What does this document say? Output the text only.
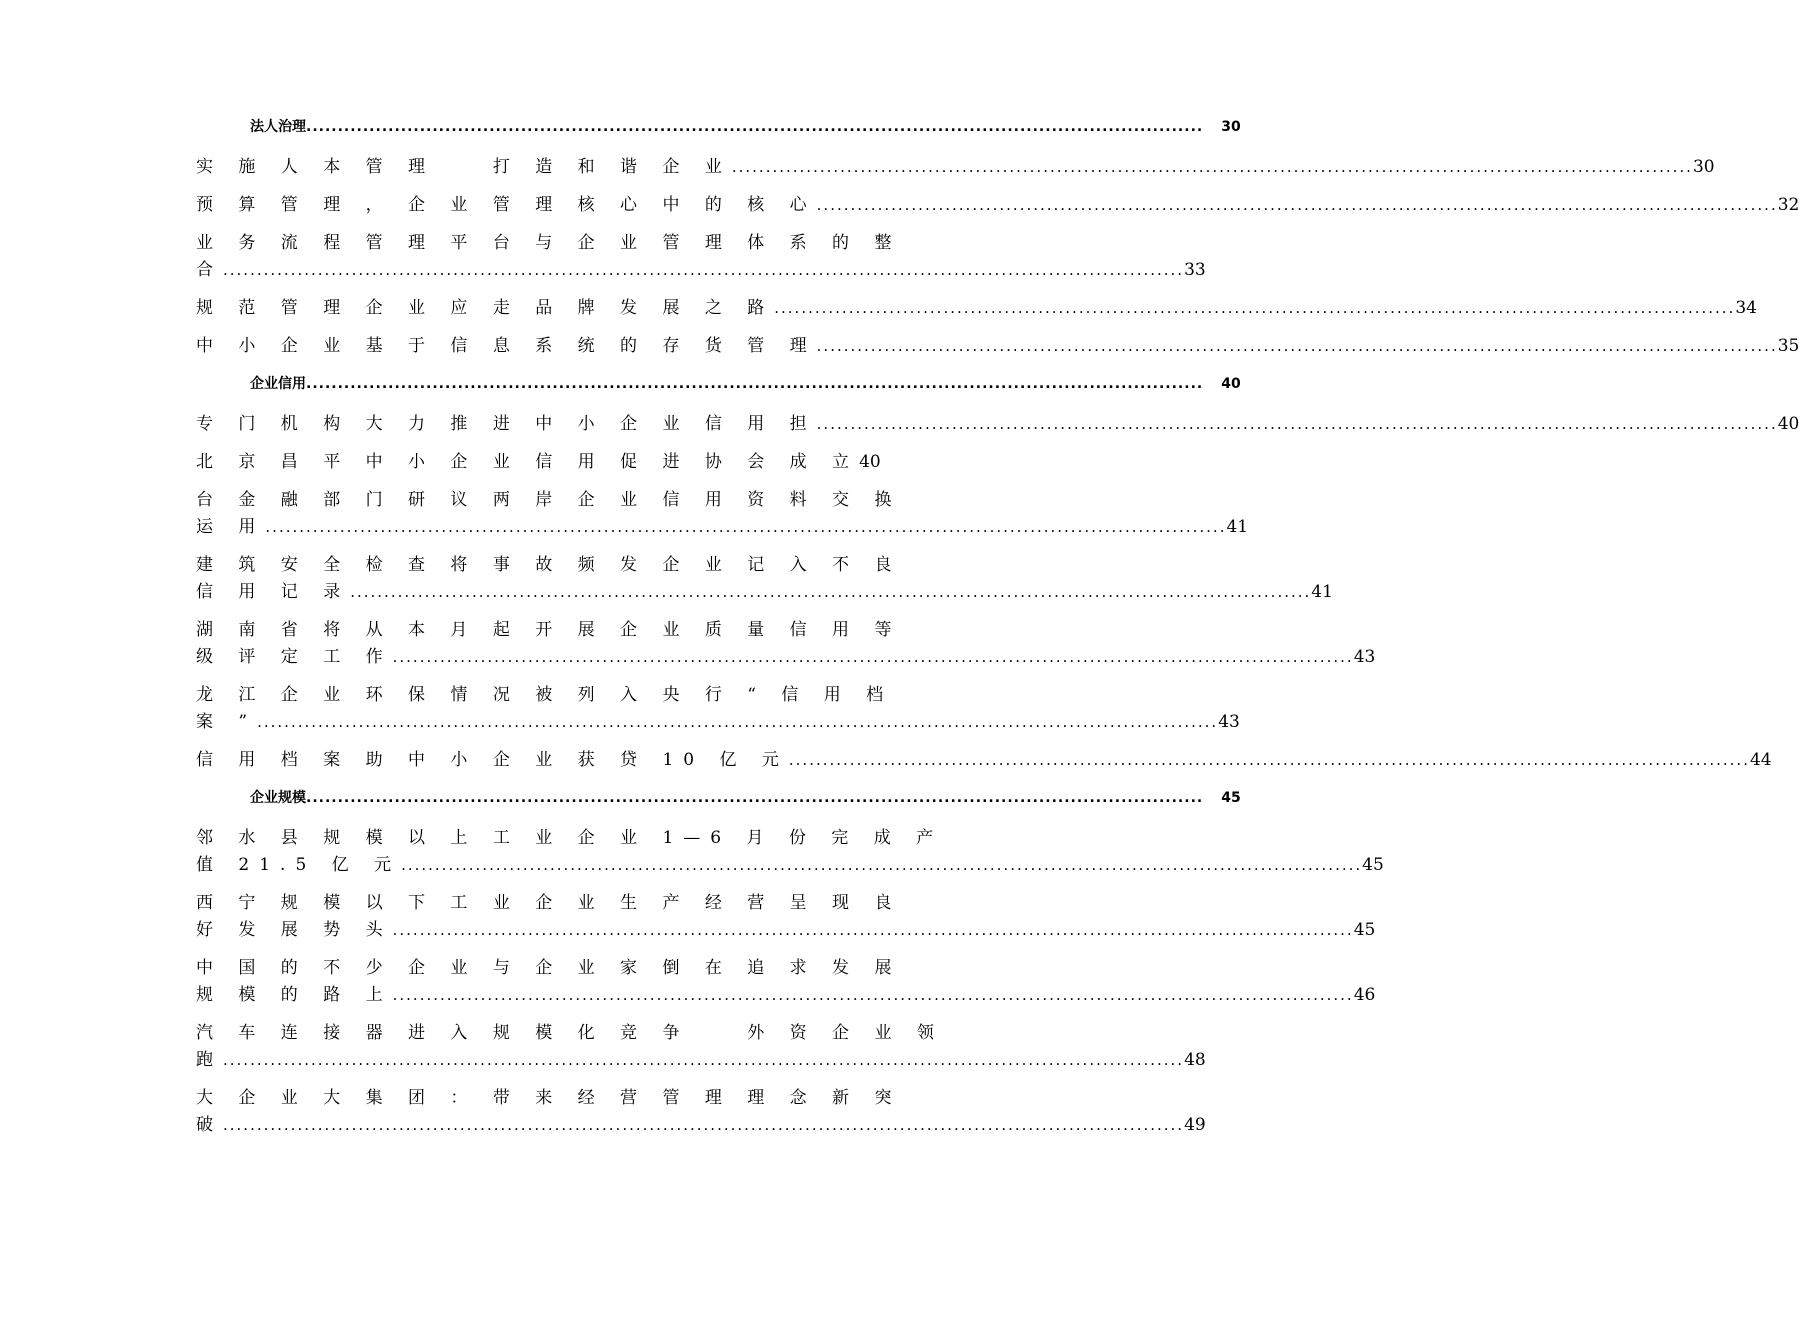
法人治理 .............................................................................................................................................. 30
实 施 人 本 管 理 　 打 造 和 谐 企 业 .............................................................................................................................................. 30
预 算 管 理 ， 企 业 管 理 核 心 中 的 核 心 .............................................................................................................................................. 32
业 务 流 程 管 理 平 台 与 企 业 管 理 体 系 的 整
合 .............................................................................................................................................. 33
规 范 管 理 企 业 应 走 品 牌 发 展 之 路 .............................................................................................................................................. 34
中 小 企 业 基 于 信 息 系 统 的 存 货 管 理 .............................................................................................................................................. 35
企业信用 .............................................................................................................................................. 40
专 门 机 构 大 力 推 进 中 小 企 业 信 用 担 .............................................................................................................................................. 40
北 京 昌 平 中 小 企 业 信 用 促 进 协 会 成 立 40
台 金 融 部 门 研 议 两 岸 企 业 信 用 资 料 交 换
运 用 .............................................................................................................................................. 41
建 筑 安 全 检 查 将 事 故 频 发 企 业 记 入 不 良
信 用 记 录 .............................................................................................................................................. 41
湖 南 省 将 从 本 月 起 开 展 企 业 质 量 信 用 等
级 评 定 工 作 .............................................................................................................................................. 43
龙 江 企 业 环 保 情 况 被 列 入 央 行 “ 信 用 档
案 ” .............................................................................................................................................. 43
信 用 档 案 助 中 小 企 业 获 贷 10 亿 元 .............................................................................................................................................. 44
企业规模 .............................................................................................................................................. 45
邻 水 县 规 模 以 上 工 业 企 业 1—6 月 份 完 成 产
值 21.5 亿 元 .............................................................................................................................................. 45
西 宁 规 模 以 下 工 业 企 业 生 产 经 营 呈 现 良
好 发 展 势 头 .............................................................................................................................................. 45
中 国 的 不 少 企 业 与 企 业 家 倒 在 追 求 发 展
规 模 的 路 上 .............................................................................................................................................. 46
汽 车 连 接 器 进 入 规 模 化 竞 争 　 外 资 企 业 领
跑 .............................................................................................................................................. 48
大 企 业 大 集 团 ： 带 来 经 营 管 理 理 念 新 突
破 .............................................................................................................................................. 49
